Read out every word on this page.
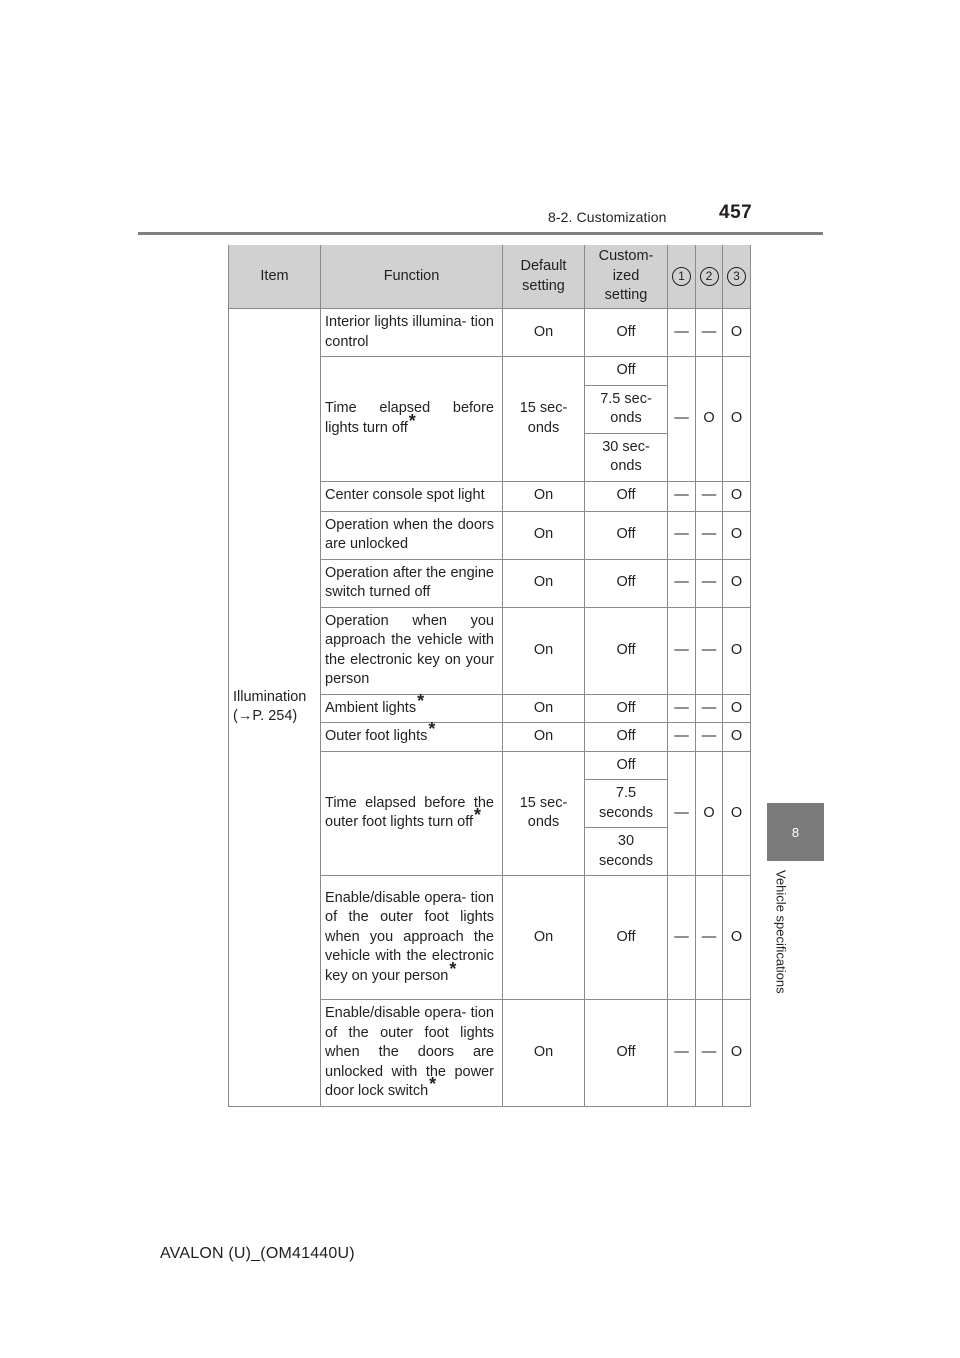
8-2. Customization	457
8
Vehicle specifications
Item	Function	Default setting	Custom- ized setting	1	2	3
Illumination
(→P. 254)	Interior lights illumina- tion control	On	Off	—	—	O
	Time elapsed before lights turn off*	15 sec- onds	Off	—	O	O
			7.5 sec- onds			
			30 sec- onds			
	Center console spot light	On	Off	—	—	O
	Operation when the doors are unlocked	On	Off	—	—	O
	Operation after the engine switch turned off	On	Off	—	—	O
	Operation when you approach the vehicle with the electronic key on your person	On	Off	—	—	O
	Ambient lights*	On	Off	—	—	O
	Outer foot lights*	On	Off	—	—	O
	Time elapsed before the outer foot lights turn off*	15 sec- onds	Off	—	O	O
			7.5 seconds			
			30 seconds			
	Enable/disable opera- tion of the outer foot lights when you approach the vehicle with the electronic key on your person*	On	Off	—	—	O
	Enable/disable opera- tion of the outer foot lights when the doors are unlocked with the power door lock switch*	On	Off	—	—	O
AVALON (U)_(OM41440U)
